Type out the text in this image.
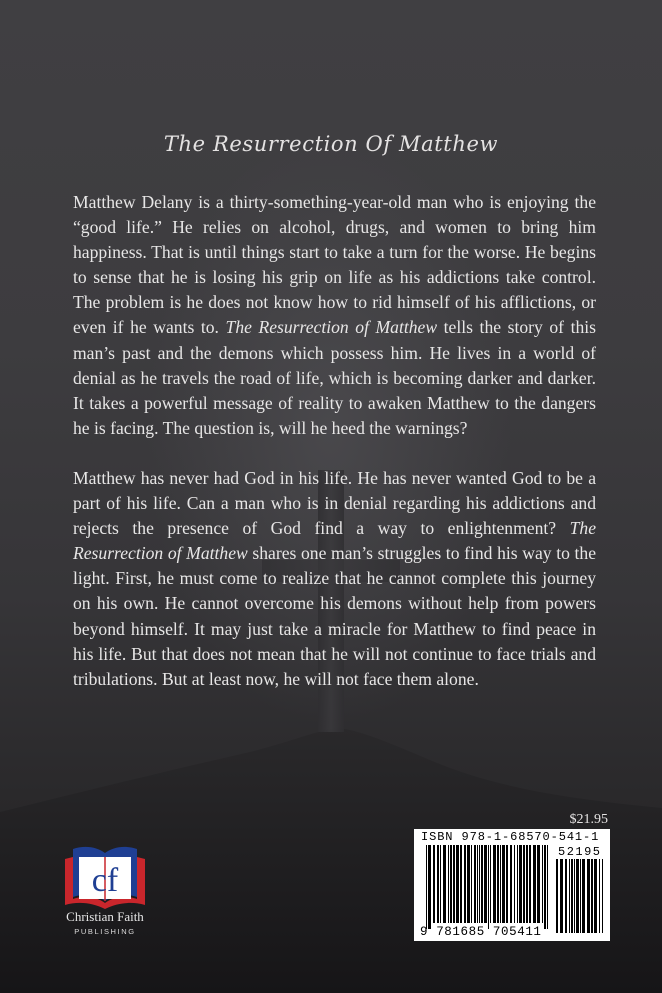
The Resurrection Of Matthew

Matthew Delany is a thirty-something-year-old man who is enjoying the “good life.” He relies on alcohol, drugs, and women to bring him happiness. That is until things start to take a turn for the worse. He begins to sense that he is losing his grip on life as his addictions take control. The problem is he does not know how to rid himself of his afflictions, or even if he wants to. The Resurrection of Matthew tells the story of this man’s past and the demons which possess him. He lives in a world of denial as he travels the road of life, which is becoming darker and darker. It takes a powerful message of reality to awaken Matthew to the dangers he is facing. The question is, will he heed the warnings?

Matthew has never had God in his life. He has never wanted God to be a part of his life. Can a man who is in denial regarding his addictions and rejects the presence of God find a way to enlightenment? The Resurrection of Matthew shares one man’s struggles to find his way to the light. First, he must come to realize that he cannot complete this journey on his own. He cannot overcome his demons without help from powers beyond himself. It may just take a miracle for Matthew to find peace in his life. But that does not mean that he will not continue to face trials and tribulations. But at least now, he will not face them alone.

$21.95
ISBN 978-1-68570-541-1
52195
9 781685 705411
cf
Christian Faith
PUBLISHING
